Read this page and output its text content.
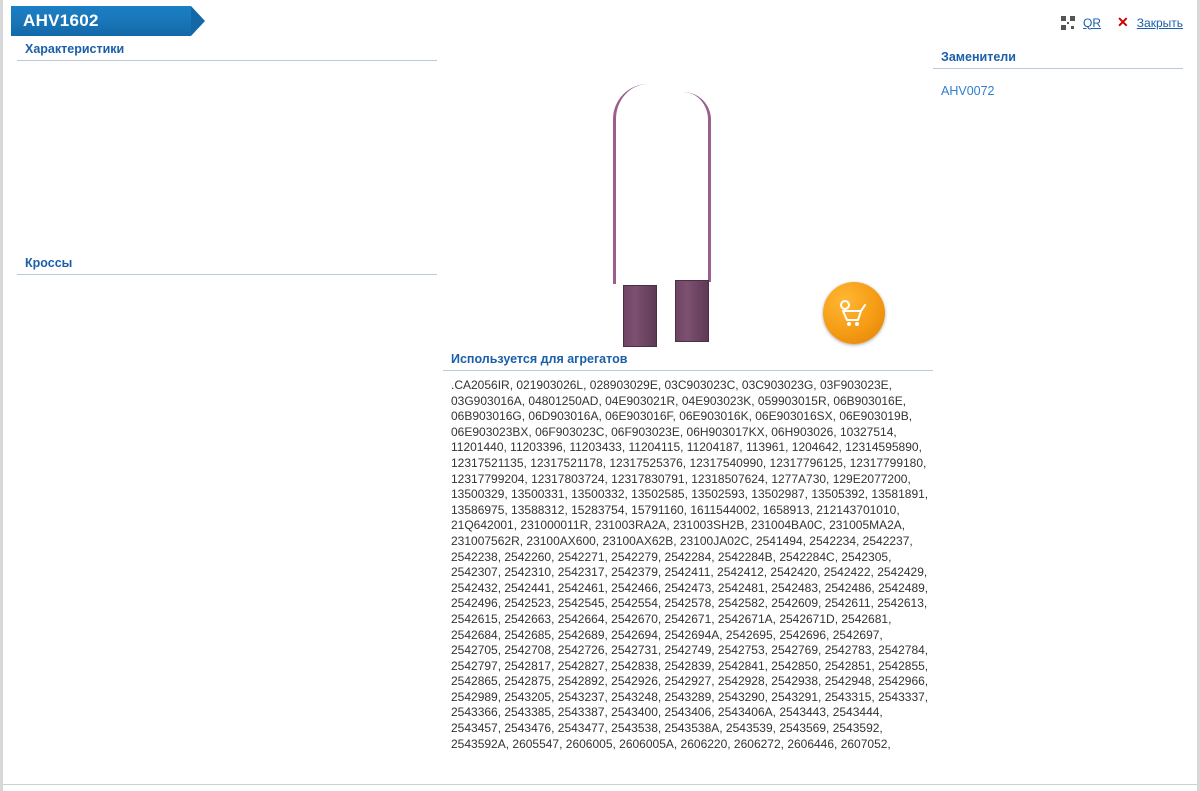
AHV1602	QR ✕ Закрыть
Характеристики

Кроссы

Используется для агрегатов
.CA2056IR, 021903026L, 028903029E, 03C903023C, 03C903023G, 03F903023E, 03G903016A, 04801250AD, 04E903021R, 04E903023K, 059903015R, 06B903016E, 06B903016G, 06D903016A, 06E903016F, 06E903016K, 06E903016SX, 06E903019B, 06E903023BX, 06F903023C, 06F903023E, 06H903017KX, 06H903026, 10327514, 11201440, 11203396, 11203433, 11204115, 11204187, 113961, 1204642, 12314595890, 12317521135, 12317521178, 12317525376, 12317540990, 12317796125, 12317799180, 12317799204, 12317803724, 12317830791, 12318507624, 1277A730, 129E2077200, 13500329, 13500331, 13500332, 13502585, 13502593, 13502987, 13505392, 13581891, 13586975, 13588312, 15283754, 15791160, 1611544002, 1658913, 212143701010, 21Q642001, 231000011R, 231003RA2A, 231003SH2B, 231004BA0C, 231005MA2A, 231007562R, 23100AX600, 23100AX62B, 23100JA02C, 2541494, 2542234, 2542237, 2542238, 2542260, 2542271, 2542279, 2542284, 2542284B, 2542284C, 2542305, 2542307, 2542310, 2542317, 2542379, 2542411, 2542412, 2542420, 2542422, 2542429, 2542432, 2542441, 2542461, 2542466, 2542473, 2542481, 2542483, 2542486, 2542489, 2542496, 2542523, 2542545, 2542554, 2542578, 2542582, 2542609, 2542611, 2542613, 2542615, 2542663, 2542664, 2542670, 2542671, 2542671A, 2542671D, 2542681, 2542684, 2542685, 2542689, 2542694, 2542694A, 2542695, 2542696, 2542697, 2542705, 2542708, 2542726, 2542731, 2542749, 2542753, 2542769, 2542783, 2542784, 2542797, 2542817, 2542827, 2542838, 2542839, 2542841, 2542850, 2542851, 2542855, 2542865, 2542875, 2542892, 2542926, 2542927, 2542928, 2542938, 2542948, 2542966, 2542989, 2543205, 2543237, 2543248, 2543289, 2543290, 2543291, 2543315, 2543337, 2543366, 2543385, 2543387, 2543400, 2543406, 2543406A, 2543443, 2543444, 2543457, 2543476, 2543477, 2543538, 2543538A, 2543539, 2543569, 2543592, 2543592A, 2605547, 2606005, 2606005A, 2606220, 2606272, 2606446, 2607052,
Заменители
AHV0072
